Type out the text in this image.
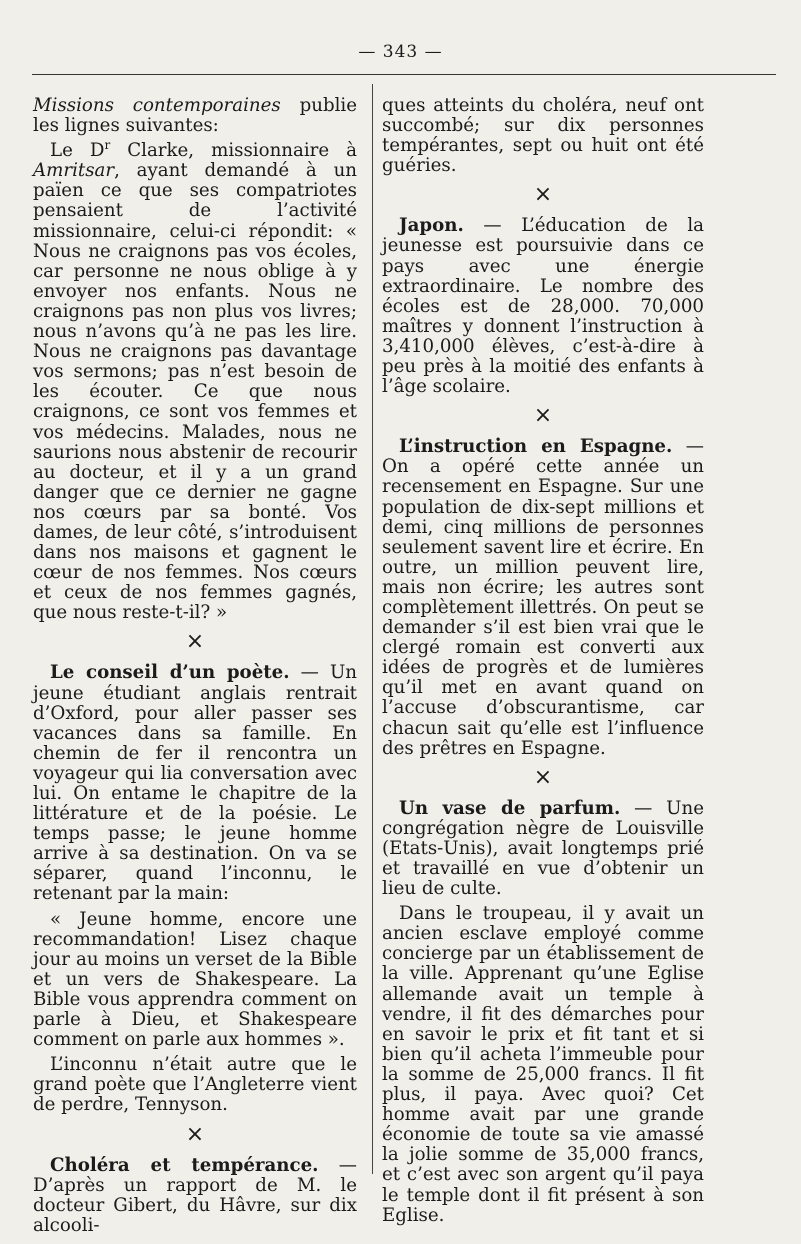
— 343 —

Missions contemporaines publie les lignes suivantes:

Le $D^r$ Clarke, missionnaire à Amritsar, ayant demandé à un païen ce que ses compatriotes pensaient de l’activité missionnaire, celui-ci répondit: « Nous ne craignons pas vos écoles, car personne ne nous oblige à y envoyer nos enfants. Nous ne craignons pas non plus vos livres; nous n’avons qu’à ne pas les lire. Nous ne craignons pas davantage vos sermons; pas n’est besoin de les écouter. Ce que nous craignons, ce sont vos femmes et vos médecins. Malades, nous ne saurions nous abstenir de recourir au docteur, et il y a un grand danger que ce dernier ne gagne nos cœurs par sa bonté. Vos dames, de leur côté, s’introduisent dans nos maisons et gagnent le cœur de nos femmes. Nos cœurs et ceux de nos femmes gagnés, que nous reste-t-il? »

×

Le conseil d’un poète. — Un jeune étudiant anglais rentrait d’Oxford, pour aller passer ses vacances dans sa famille. En chemin de fer il rencontra un voyageur qui lia conversation avec lui. On entame le chapitre de la littérature et de la poésie. Le temps passe; le jeune homme arrive à sa destination. On va se séparer, quand l’inconnu, le retenant par la main:

« Jeune homme, encore une recommandation! Lisez chaque jour au moins un verset de la Bible et un vers de Shakespeare. La Bible vous apprendra comment on parle à Dieu, et Shakespeare comment on parle aux hommes ».

L’inconnu n’était autre que le grand poète que l’Angleterre vient de perdre, Tennyson.

×

Choléra et tempérance. — D’après un rapport de M. le docteur Gibert, du Hâvre, sur dix alcooli-

ques atteints du choléra, neuf ont succombé; sur dix personnes tempérantes, sept ou huit ont été guéries.

×

Japon. — L’éducation de la jeunesse est poursuivie dans ce pays avec une énergie extraordinaire. Le nombre des écoles est de 28,000. 70,000 maîtres y donnent l’instruction à 3,410,000 élèves, c’est-à-dire à peu près à la moitié des enfants à l’âge scolaire.

×

L’instruction en Espagne. — On a opéré cette année un recensement en Espagne. Sur une population de dix-sept millions et demi, cinq millions de personnes seulement savent lire et écrire. En outre, un million peuvent lire, mais non écrire; les autres sont complètement illettrés. On peut se demander s’il est bien vrai que le clergé romain est converti aux idées de progrès et de lumières qu’il met en avant quand on l’accuse d’obscurantisme, car chacun sait qu’elle est l’influence des prêtres en Espagne.

×

Un vase de parfum. — Une congrégation nègre de Louisville (Etats-Unis), avait longtemps prié et travaillé en vue d’obtenir un lieu de culte.

Dans le troupeau, il y avait un ancien esclave employé comme concierge par un établissement de la ville. Apprenant qu’une Eglise allemande avait un temple à vendre, il fit des démarches pour en savoir le prix et fit tant et si bien qu’il acheta l’immeuble pour la somme de 25,000 francs. Il fit plus, il paya. Avec quoi? Cet homme avait par une grande économie de toute sa vie amassé la jolie somme de 35,000 francs, et c’est avec son argent qu’il paya le temple dont il fit présent à son Eglise.
